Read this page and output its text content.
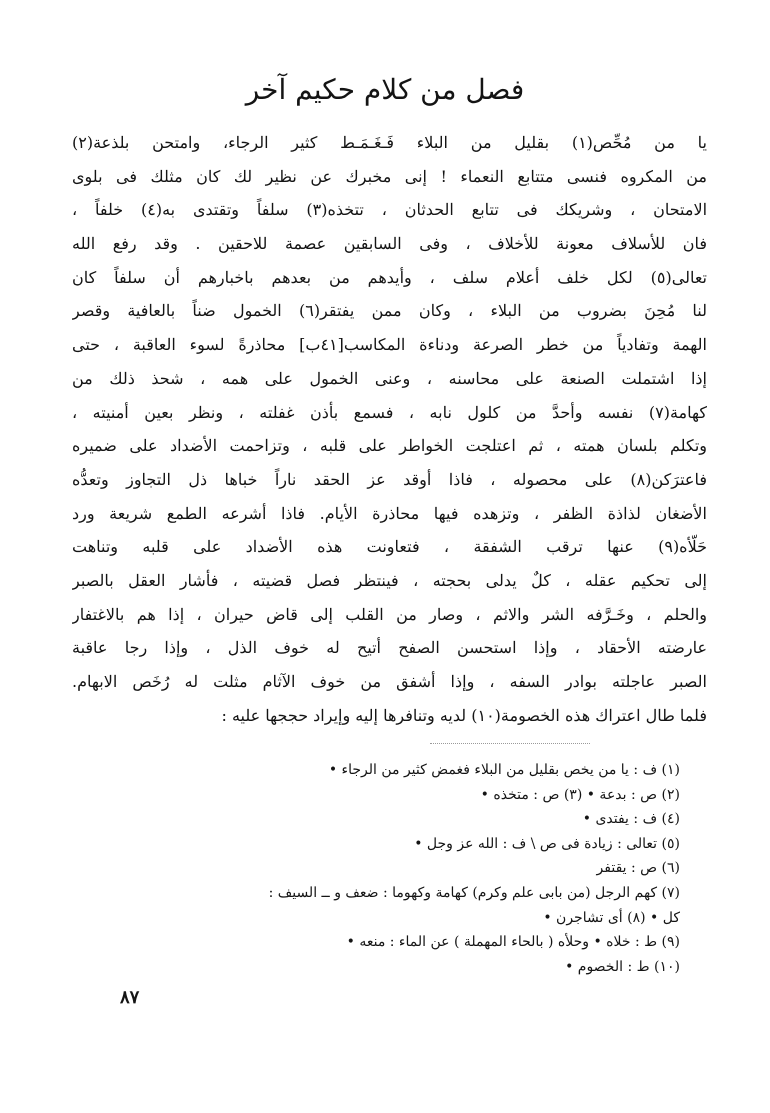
فصل من كلام حكيم آخر
يا من مُحِّص(١) بقليل من البلاء فَـغَـمَـط كثير الرجاء، وامتحن بلذعة(٢)
من المكروه فنسى متتابع النعماء ! إنى مخبرك عن نظير لك كان مثلك فى بلوى
الامتحان ، وشريكك فى تتابع الحدثان ، تتخذه(٣) سلفاً وتقتدى به(٤) خلفاً ،
فان للأسلاف معونة للأخلاف ، وفى السابقين عصمة للاحقين . وقد رفع الله
تعالى(٥) لكل خلف أعلام سلف ، وأيدهم من بعدهم باخبارهم أن سلفاً كان
لنا مُحِنَ بضروب من البلاء ، وكان ممن يفتقر(٦) الخمول ضناً بالعافية وقصر
الهمة وتفادياً من خطر الصرعة ودناءة المكاسب[٤١ب] محاذرةً لسوء العاقبة ، حتى
إذا اشتملت الصنعة على محاسنه ، وعنى الخمول على همه ، شحذ ذلك من
كهامة(٧) نفسه وأحدَّ من كلول نابه ، فسمع بأذن غفلته ، ونظر بعين أمنيته ،
وتكلم بلسان همته ، ثم اعتلجت الخواطر على قلبه ، وتزاحمت الأضداد على ضميره
فاعترَكن(٨) على محصوله ، فاذا أوقد عز الحقد ناراً خباها ذل التجاوز وتعدُّه
الأضغان لذاذة الظفر ، وتزهده فيها محاذرة الأيام. فاذا أشرعه الطمع شريعة ورد
حَلّأه(٩) عنها ترقب الشفقة ، فتعاونت هذه الأضداد على قلبه وتناهت
إلى تحكيم عقله ، كلٌ يدلى بحجته ، فينتظر فصل قضيته ، فأشار العقل بالصبر
والحلم ، وخَـرَّفه الشر والاثم ، وصار من القلب إلى قاض حيران ، إذا هم بالاغتفار
عارضته الأحقاد ، وإذا استحسن الصفح أتيح له خوف الذل ، وإذا رجا عاقبة
الصبر عاجلته بوادر السفه ، وإذا أشفق من خوف الآثام مثلت له رُخَص الابهام.
فلما طال اعتراك هذه الخصومة(١٠) لديه وتنافرها إليه وإيراد حججها عليه :
(١) ف : يا من يخص بقليل من البلاء فغمض كثير من الرجاء •
(٢) ص : بدعة • (٣) ص : متخذه •
(٤) ف : يفتدى •
(٥) تعالى : زيادة فى ص \ ف : الله عز وجل •
(٦) ص : يقتفر
(٧) كهم الرجل (من بابى علم وكرم) كهامة وكهوما : ضعف و ــ السيف :
كل • (٨) أى تشاجرن •
(٩) ط : خلاه • وحلأه ( بالحاء المهملة ) عن الماء : منعه •
(١٠) ط : الخصوم •
٨٧
